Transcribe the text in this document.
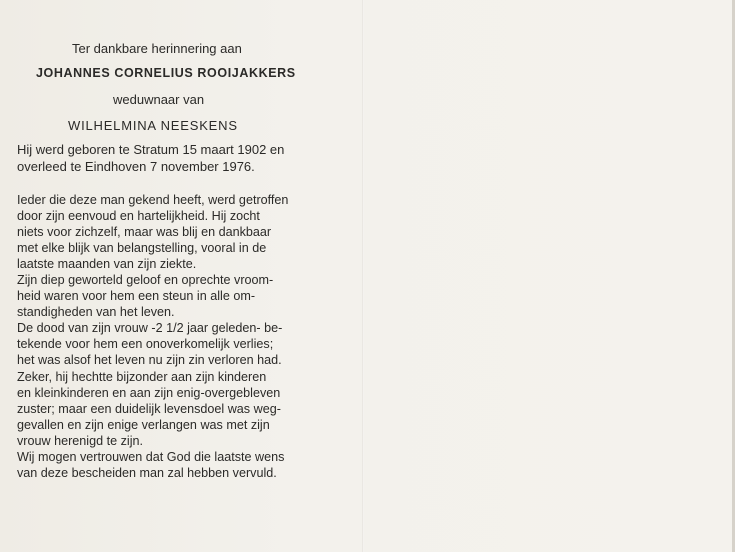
Ter dankbare herinnering aan
JOHANNES CORNELIUS ROOIJAKKERS
weduwnaar van
WILHELMINA NEESKENS
Hij werd geboren te Stratum 15 maart 1902 en
overleed te Eindhoven 7 november 1976.

Ieder die deze man gekend heeft, werd getroffen

door zijn eenvoud en hartelijkheid. Hij zocht

niets voor zichzelf, maar was blij en dankbaar

met elke blijk van belangstelling, vooral in de

laatste maanden van zijn ziekte.

Zijn diep geworteld geloof en oprechte vroom-

heid waren voor hem een steun in alle om-

standigheden van het leven.

De dood van zijn vrouw -2 1/2 jaar geleden- be-

tekende voor hem een onoverkomelijk verlies;

het was alsof het leven nu zijn zin verloren had.

Zeker, hij hechtte bijzonder aan zijn kinderen

en kleinkinderen en aan zijn enig-overgebleven

zuster; maar een duidelijk levensdoel was weg-

gevallen en zijn enige verlangen was met zijn

vrouw herenigd te zijn.

Wij mogen vertrouwen dat God die laatste wens

van deze bescheiden man zal hebben vervuld.
